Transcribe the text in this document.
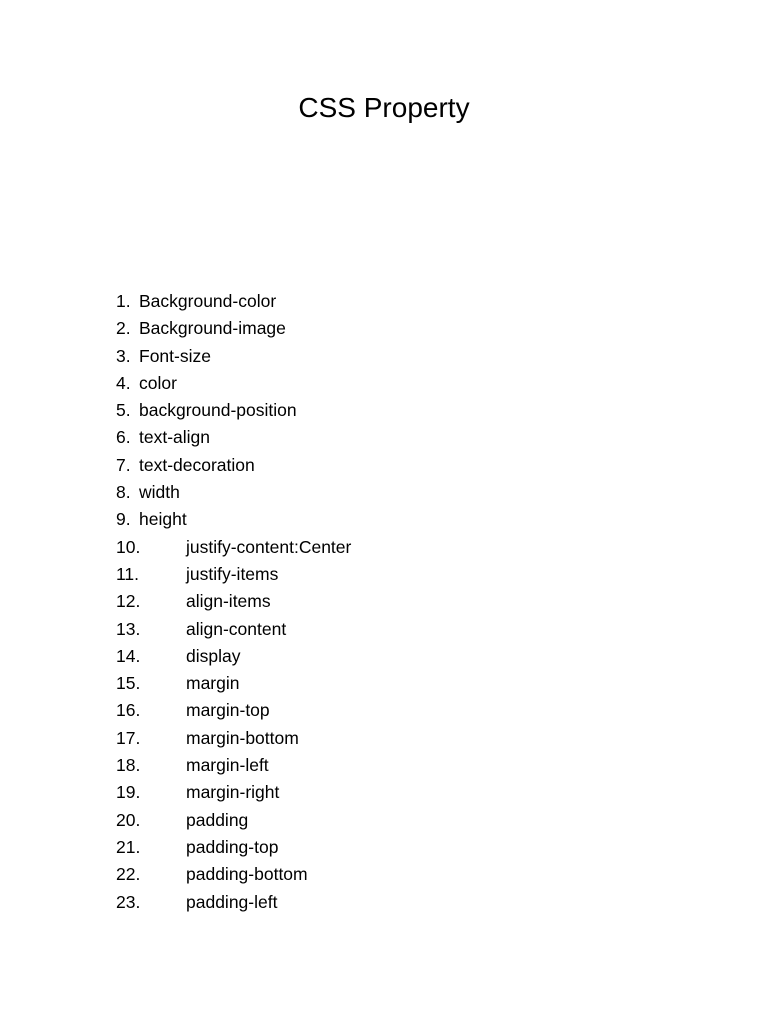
CSS Property
1. Background-color
2. Background-image
3. Font-size
4. color
5. background-position
6. text-align
7. text-decoration
8. width
9. height
10.	justify-content:Center
11.	justify-items
12.	align-items
13.	align-content
14.	display
15.	margin
16.	margin-top
17.	margin-bottom
18.	margin-left
19.	margin-right
20.	padding
21.	padding-top
22.	padding-bottom
23.	padding-left
